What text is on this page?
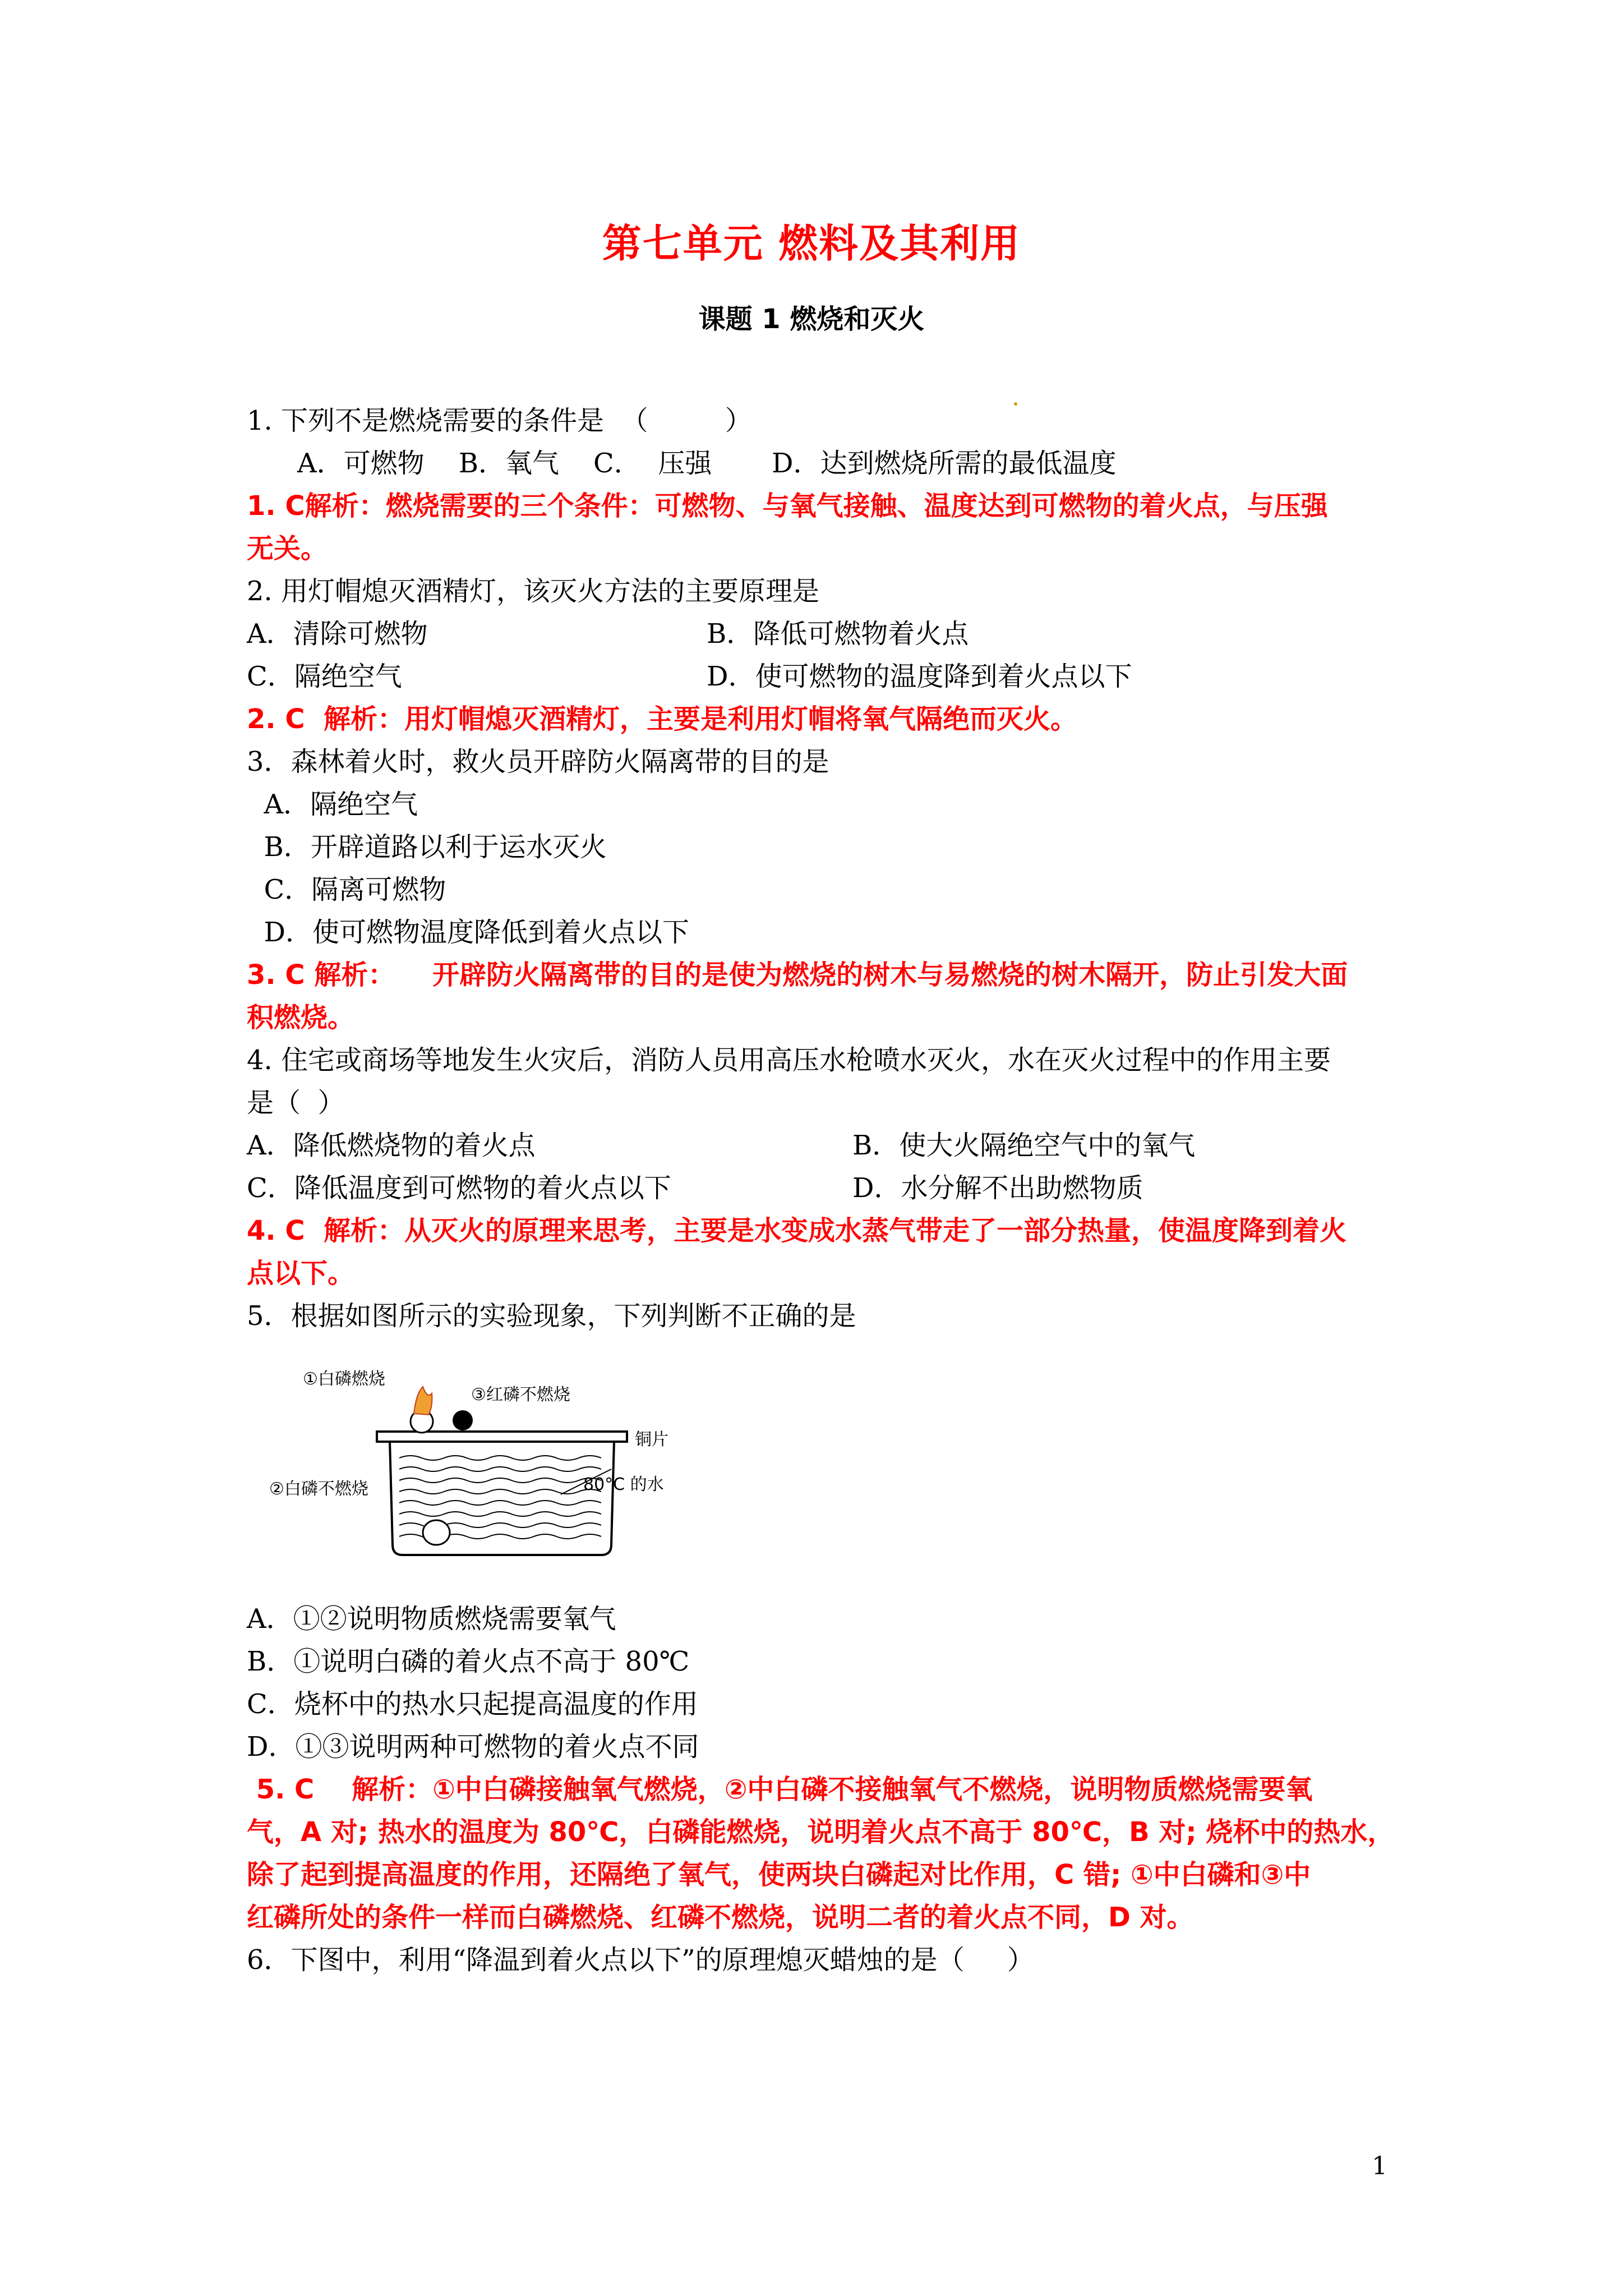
第七单元 燃料及其利用
课题 1 燃烧和灭火
1. 下列不是燃烧需要的条件是  （         ）
A．可燃物    B．氧气    C．  压强       D．达到燃烧所需的最低温度
1. C解析：燃烧需要的三个条件：可燃物、与氧气接触、温度达到可燃物的着火点，与压强
无关。
2. 用灯帽熄灭酒精灯，该灭火方法的主要原理是
A．清除可燃物	B．降低可燃物着火点
C．隔绝空气	D．使可燃物的温度降到着火点以下
2. C  解析：用灯帽熄灭酒精灯，主要是利用灯帽将氧气隔绝而灭火。
3．森林着火时，救火员开辟防火隔离带的目的是
A．隔绝空气
B．开辟道路以利于运水灭火
C．隔离可燃物
D．使可燃物温度降低到着火点以下
3. C 解析：    开辟防火隔离带的目的是使为燃烧的树木与易燃烧的树木隔开，防止引发大面
积燃烧。
4. 住宅或商场等地发生火灾后，消防人员用高压水枪喷水灭火，水在灭火过程中的作用主要
是（  ）
A．降低燃烧物的着火点	B．使大火隔绝空气中的氧气
C．降低温度到可燃物的着火点以下	D．水分解不出助燃物质
4. C  解析：从灭火的原理来思考，主要是水变成水蒸气带走了一部分热量，使温度降到着火
点以下。
5．根据如图所示的实验现象，下列判断不正确的是
①白磷燃烧
③红磷不燃烧
铜片
②白磷不燃烧	80°C 的水
A．①②说明物质燃烧需要氧气
B．①说明白磷的着火点不高于 80℃
C．烧杯中的热水只起提高温度的作用
D．①③说明两种可燃物的着火点不同
5. C    解析：①中白磷接触氧气燃烧，②中白磷不接触氧气不燃烧，说明物质燃烧需要氧
气，A 对; 热水的温度为 80℃，白磷能燃烧，说明着火点不高于 80℃，B 对; 烧杯中的热水，
除了起到提高温度的作用，还隔绝了氧气，使两块白磷起对比作用，C 错; ①中白磷和③中
红磷所处的条件一样而白磷燃烧、红磷不燃烧，说明二者的着火点不同，D 对。
6．下图中，利用“降温到着火点以下”的原理熄灭蜡烛的是（     ）
1
